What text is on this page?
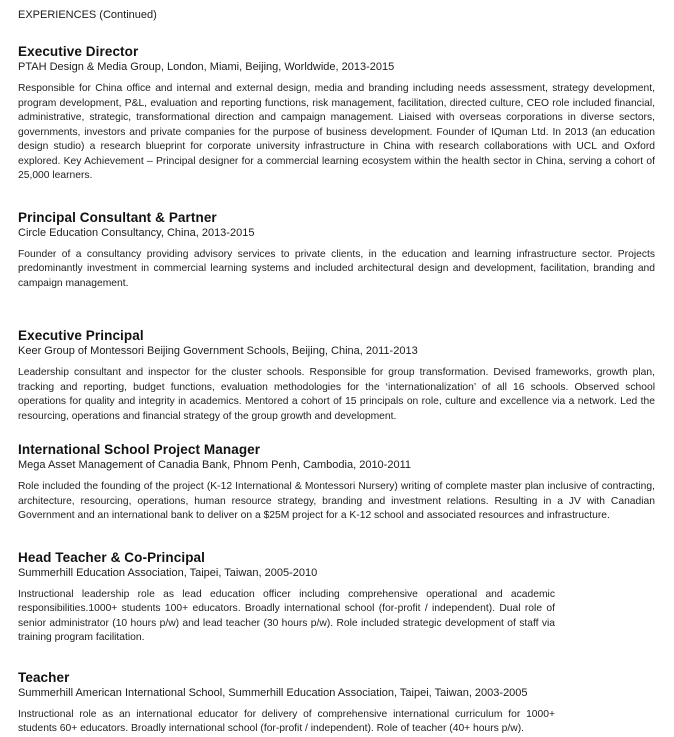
EXPERIENCES (Continued)
Executive Director
PTAH Design & Media Group, London, Miami, Beijing, Worldwide, 2013-2015

Responsible for China office and internal and external design, media and branding including needs assessment, strategy development, program development, P&L, evaluation and reporting functions, risk management, facilitation, directed culture, CEO role included financial, administrative, strategic, transformational direction and campaign management. Liaised with overseas corporations in diverse sectors, governments, investors and private companies for the purpose of business development. Founder of IQuman Ltd. In 2013 (an education design studio) a research blueprint for corporate university infrastructure in China with research collaborations with UCL and Oxford explored. Key Achievement – Principal designer for a commercial learning ecosystem within the health sector in China, serving a cohort of 25,000 learners.

Principal Consultant & Partner
Circle Education Consultancy, China, 2013-2015

Founder of a consultancy providing advisory services to private clients, in the education and learning infrastructure sector. Projects predominantly investment in commercial learning systems and included architectural design and development, facilitation, branding and campaign management.

Executive Principal
Keer Group of Montessori Beijing Government Schools, Beijing, China, 2011-2013

Leadership consultant and inspector for the cluster schools. Responsible for group transformation. Devised frameworks, growth plan, tracking and reporting, budget functions, evaluation methodologies for the ‘internationalization’ of all 16 schools. Observed school operations for quality and integrity in academics. Mentored a cohort of 15 principals on role, culture and excellence via a network. Led the resourcing, operations and financial strategy of the group growth and development.

International School Project Manager
Mega Asset Management of Canadia Bank, Phnom Penh, Cambodia, 2010-2011

Role included the founding of the project (K-12 International & Montessori Nursery) writing of complete master plan inclusive of contracting, architecture, resourcing, operations, human resource strategy, branding and investment relations. Resulting in a JV with Canadian Government and an international bank to deliver on a $25M project for a K-12 school and associated resources and infrastructure.

Head Teacher & Co-Principal
Summerhill Education Association, Taipei, Taiwan, 2005-2010

Instructional leadership role as lead education officer including comprehensive operational and academic responsibilities.1000+ students 100+ educators. Broadly international school (for-profit / independent). Dual role of senior administrator (10 hours p/w) and lead teacher (30 hours p/w). Role included strategic development of staff via training program facilitation.

Teacher
Summerhill American International School, Summerhill Education Association, Taipei, Taiwan, 2003-2005

Instructional role as an international educator for delivery of comprehensive international curriculum for 1000+ students 60+ educators. Broadly international school (for-profit / independent). Role of teacher (40+ hours p/w).
